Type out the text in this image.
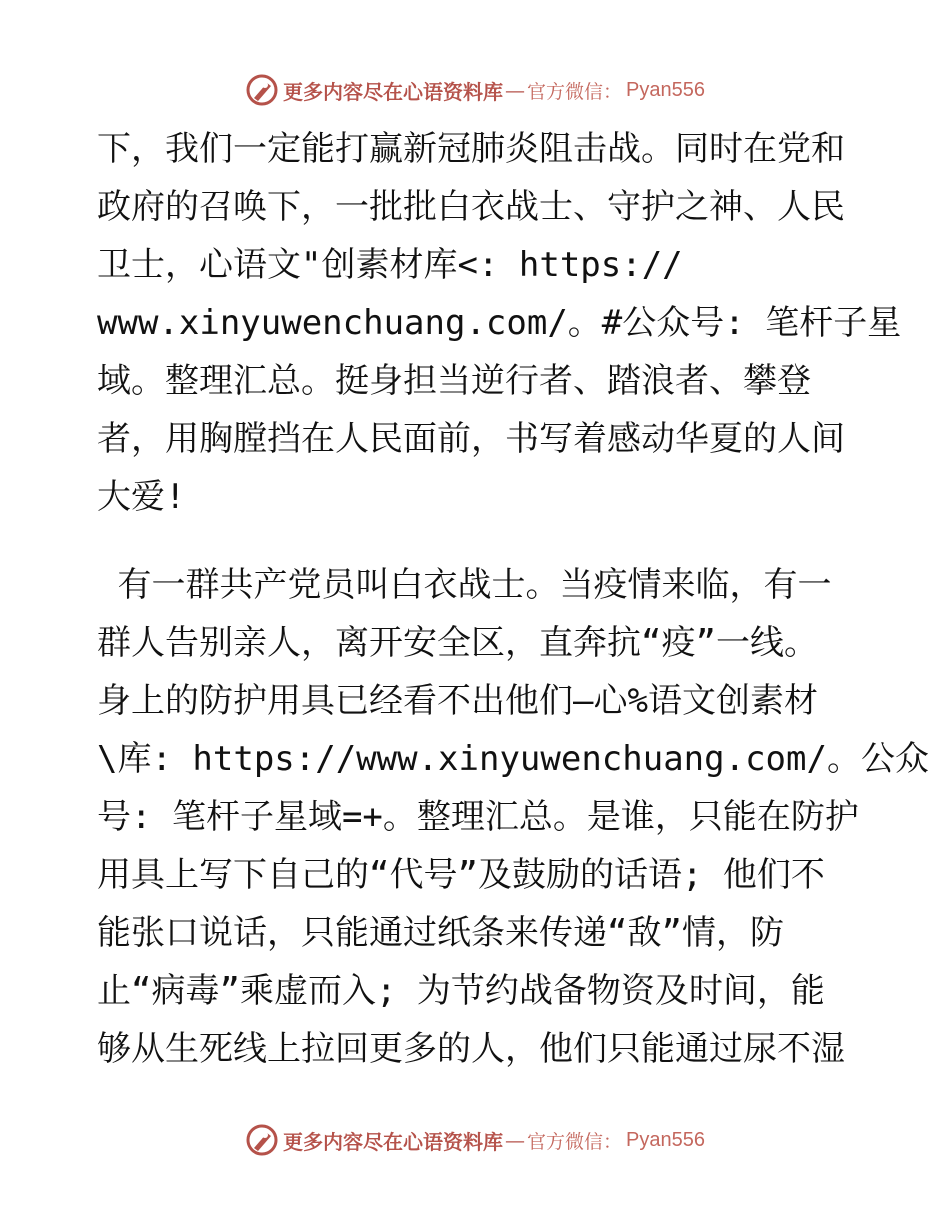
更多内容尽在心语资料库 — 官方微信： Pyan556
下，我们一定能打赢新冠肺炎阻击战。同时在党和
政府的召唤下，一批批白衣战士、守护之神、人民
卫士，心语文"创素材库<: https://
www.xinyuwenchuang.com/。#公众号: 笔杆子星
域。整理汇总。挺身担当逆行者、踏浪者、攀登
者，用胸膛挡在人民面前，书写着感动华夏的人间
大爱!
有一群共产党员叫白衣战士。当疫情来临，有一
群人告别亲人，离开安全区，直奔抗“疫”一线。
身上的防护用具已经看不出他们—心%语文创素材
\库: https://www.xinyuwenchuang.com/。公众
号: 笔杆子星域=+。整理汇总。是谁，只能在防护
用具上写下自己的“代号”及鼓励的话语; 他们不
能张口说话，只能通过纸条来传递“敌”情，防
止“病毒”乘虚而入; 为节约战备物资及时间，能
够从生死线上拉回更多的人，他们只能通过尿不湿
更多内容尽在心语资料库 — 官方微信： Pyan556
